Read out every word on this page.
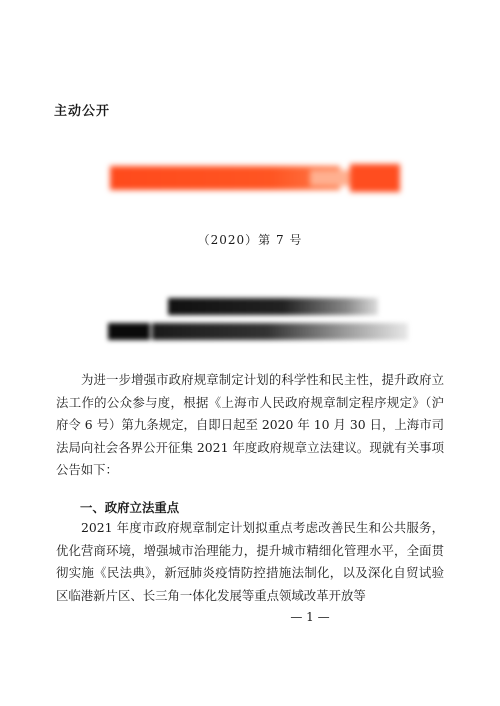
主动公开
（2020）第 7 号

为进一步增强市政府规章制定计划的科学性和民主性，提升政府立法工作的公众参与度，根据《上海市人民政府规章制定程序规定》（沪府令 6 号）第九条规定，自即日起至 2020 年 10 月 30 日，上海市司法局向社会各界公开征集 2021 年度政府规章立法建议。现就有关事项公告如下：

一、政府立法重点

2021 年度市政府规章制定计划拟重点考虑改善民生和公共服务，优化营商环境，增强城市治理能力，提升城市精细化管理水平，全面贯彻实施《民法典》，新冠肺炎疫情防控措施法制化，以及深化自贸试验区临港新片区、长三角一体化发展等重点领域改革开放等

— 1 —
